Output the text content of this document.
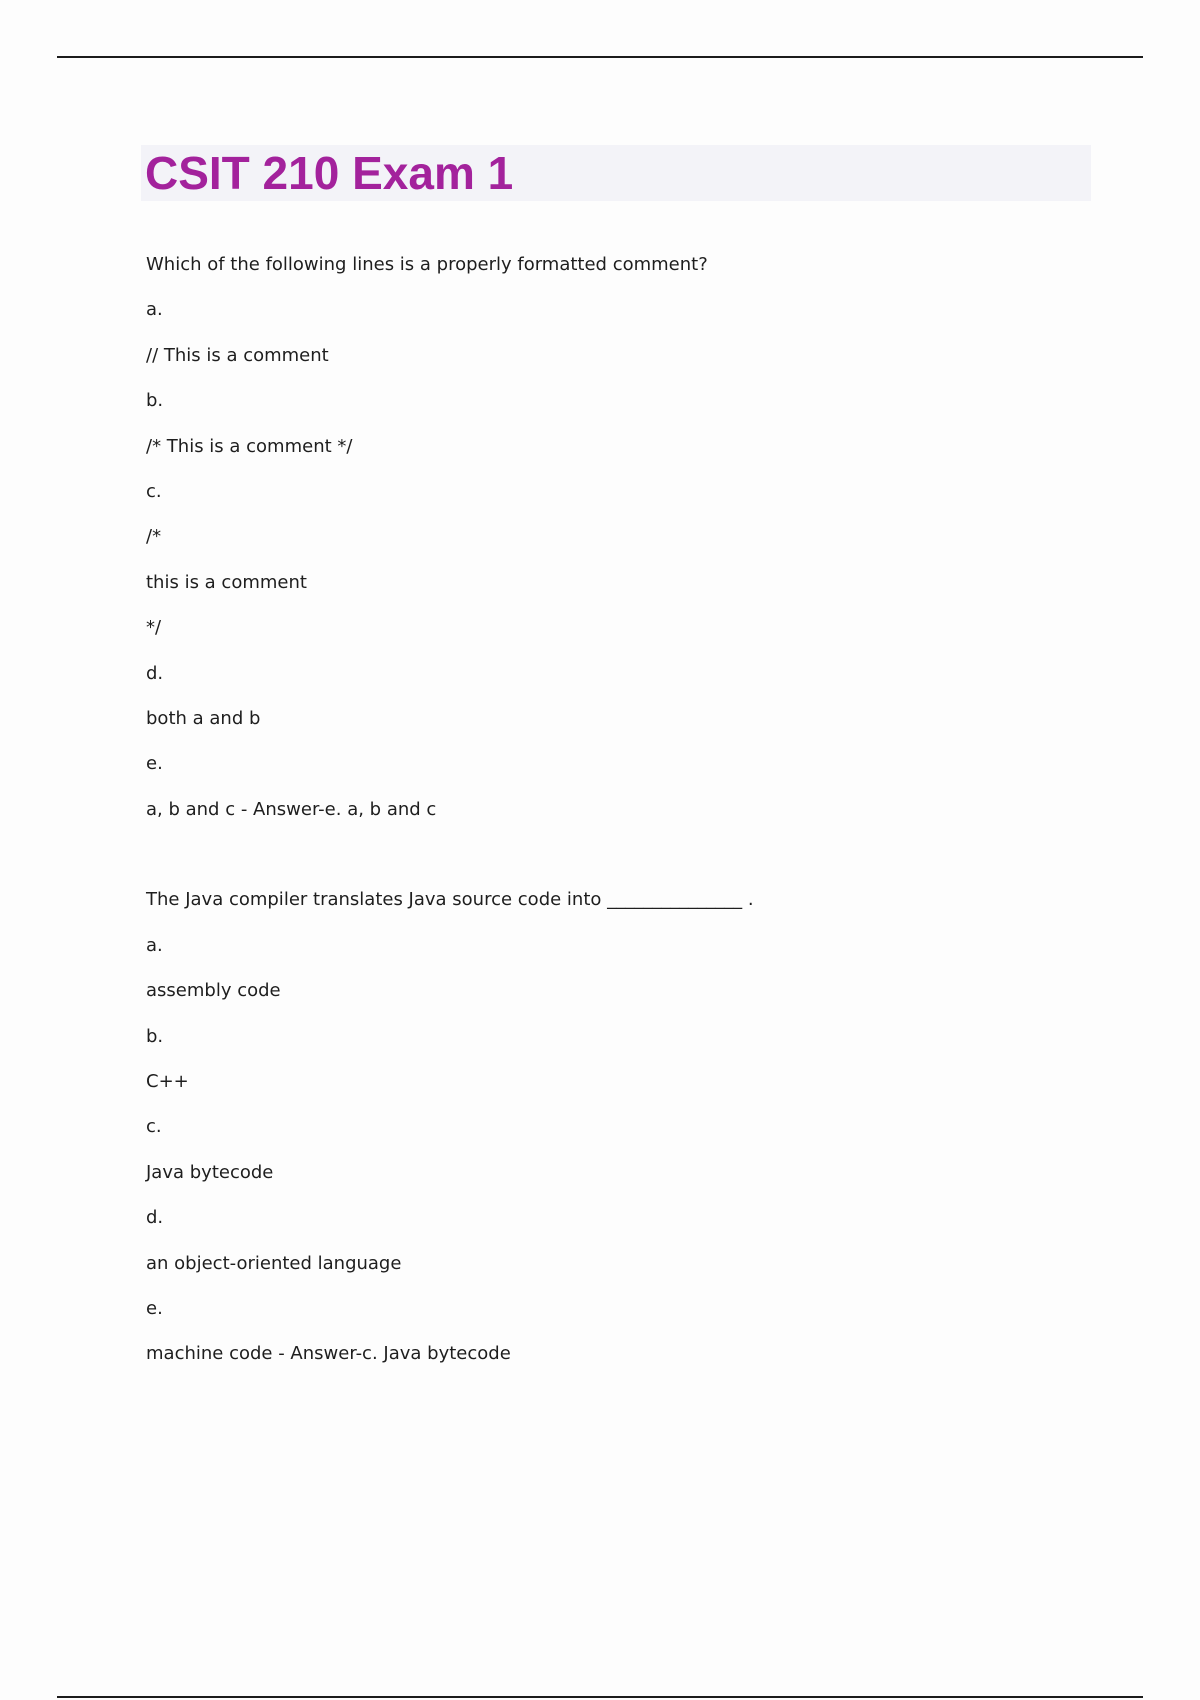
CSIT 210 Exam 1

Which of the following lines is a properly formatted comment?

a.

// This is a comment

b.

/* This is a comment */

c.

/*

this is a comment

*/

d.

both a and b

e.

a, b and c - Answer-e. a, b and c

The Java compiler translates Java source code into _______________ .

a.

assembly code

b.

C++

c.

Java bytecode

d.

an object-oriented language

e.

machine code - Answer-c. Java bytecode
